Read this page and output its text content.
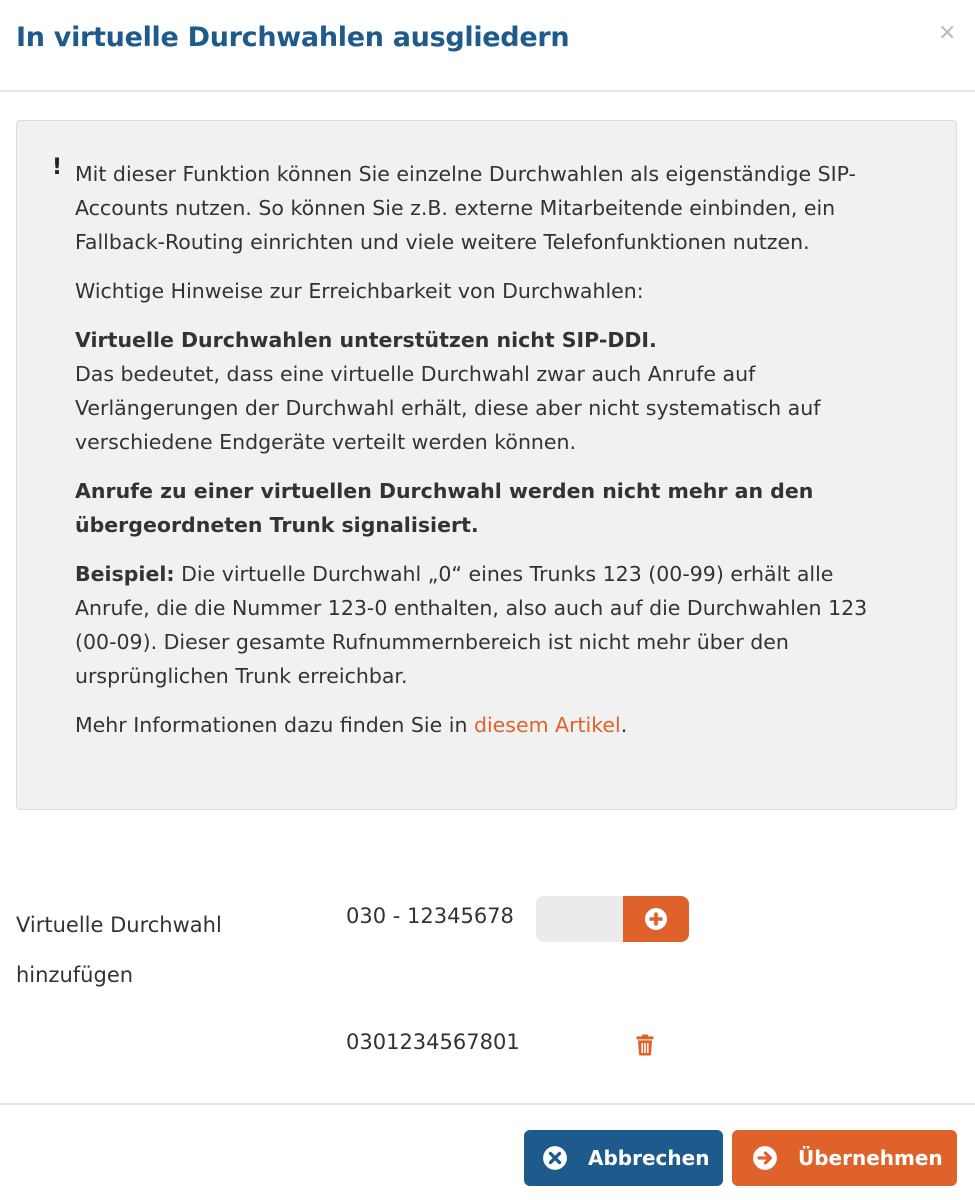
In virtuelle Durchwahlen ausgliedern	×
! Mit dieser Funktion können Sie einzelne Durchwahlen als eigenständige SIP-Accounts nutzen. So können Sie z.B. externe Mitarbeitende einbinden, ein Fallback-Routing einrichten und viele weitere Telefonfunktionen nutzen.

Wichtige Hinweise zur Erreichbarkeit von Durchwahlen:

Virtuelle Durchwahlen unterstützen nicht SIP-DDI.
Das bedeutet, dass eine virtuelle Durchwahl zwar auch Anrufe auf Verlängerungen der Durchwahl erhält, diese aber nicht systematisch auf verschiedene Endgeräte verteilt werden können.

Anrufe zu einer virtuellen Durchwahl werden nicht mehr an den übergeordneten Trunk signalisiert.

Beispiel: Die virtuelle Durchwahl „0“ eines Trunks 123 (00-99) erhält alle Anrufe, die die Nummer 123-0 enthalten, also auch auf die Durchwahlen 123 (00-09). Dieser gesamte Rufnummernbereich ist nicht mehr über den ursprünglichen Trunk erreichbar.

Mehr Informationen dazu finden Sie in diesem Artikel.

Virtuelle Durchwahl hinzufügen
030 - 12345678
0301234567801
Abbrechen	Übernehmen
